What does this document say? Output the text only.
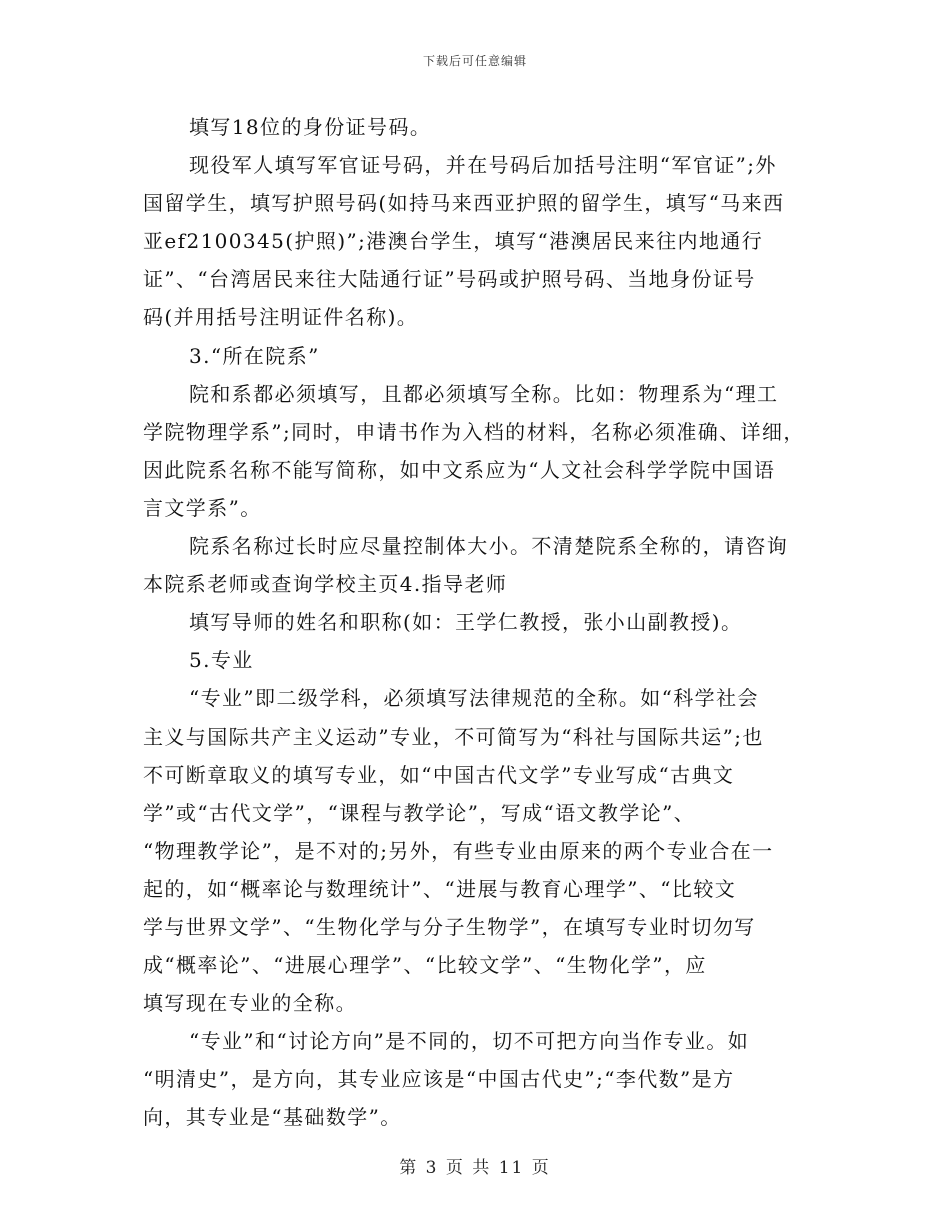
下载后可任意编辑
填写18位的身份证号码。
现役军人填写军官证号码，并在号码后加括号注明“军官证”;外
国留学生，填写护照号码(如持马来西亚护照的留学生，填写“马来西
亚ef2100345(护照)”;港澳台学生，填写“港澳居民来往内地通行
证”、“台湾居民来往大陆通行证”号码或护照号码、当地身份证号
码(并用括号注明证件名称)。
3.“所在院系”
院和系都必须填写，且都必须填写全称。比如：物理系为“理工
学院物理学系”;同时，申请书作为入档的材料，名称必须准确、详细，
因此院系名称不能写简称，如中文系应为“人文社会科学学院中国语
言文学系”。
院系名称过长时应尽量控制体大小。不清楚院系全称的，请咨询
本院系老师或查询学校主页4.指导老师
填写导师的姓名和职称(如：王学仁教授，张小山副教授)。
5.专业
“专业”即二级学科，必须填写法律规范的全称。如“科学社会
主义与国际共产主义运动”专业，不可简写为“科社与国际共运”;也
不可断章取义的填写专业，如“中国古代文学”专业写成“古典文
学”或“古代文学”，“课程与教学论”，写成“语文教学论”、
“物理教学论”，是不对的;另外，有些专业由原来的两个专业合在一
起的，如“概率论与数理统计”、“进展与教育心理学”、“比较文
学与世界文学”、“生物化学与分子生物学”，在填写专业时切勿写
成“概率论”、“进展心理学”、“比较文学”、“生物化学”，应
填写现在专业的全称。
“专业”和“讨论方向”是不同的，切不可把方向当作专业。如
“明清史”，是方向，其专业应该是“中国古代史”;“李代数”是方
向，其专业是“基础数学”。
第 3 页 共 11 页
